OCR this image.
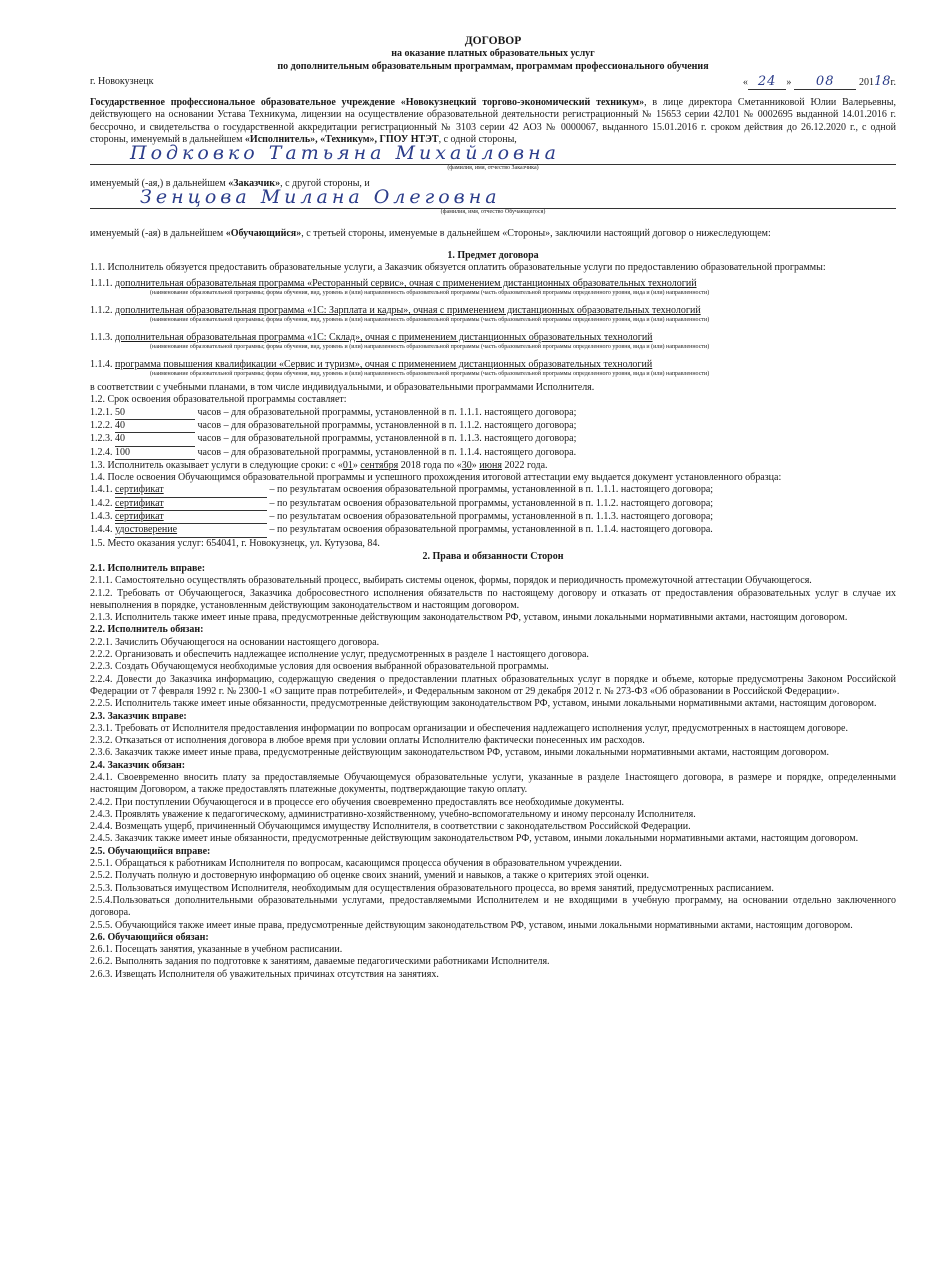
ДОГОВОР
на оказание платных образовательных услуг
по дополнительным образовательным программам, программам профессионального обучения
г. Новокузнецк	« 24 » 08 20118г.

Государственное профессиональное образовательное учреждение «Новокузнецкий торгово-экономический техникум», в лице директора Сметанниковой Юлии Валерьевны, действующего на основании Устава Техникума, лицензии на осуществление образовательной деятельности регистрационный № 15653 серии 42Л01 № 0002695 выданной 14.01.2016 г. бессрочно, и свидетельства о государственной аккредитации регистрационный № 3103 серии 42 АО3 № 0000067, выданного 15.01.2016 г. сроком действия до 26.12.2020 г., с одной стороны, именуемый в дальнейшем «Исполнитель», «Техникум», ГПОУ НТЭТ, с одной стороны,

Подковко Татьяна Михайловна
(фамилия, имя, отчество Заказчика)

именуемый (-ая,) в дальнейшем «Заказчик», с другой стороны, и

Зенцова Милана Олеговна
(фамилия, имя, отчество Обучающегося)

именуемый (-ая) в дальнейшем «Обучающийся», с третьей стороны, именуемые в дальнейшем «Стороны», заключили настоящий договор о нижеследующем:

1. Предмет договора

1.1. Исполнитель обязуется предоставить образовательные услуги, а Заказчик обязуется оплатить образовательные услуги по предоставлению образовательной программы:

1.1.1. дополнительная образовательная программа «Ресторанный сервис», очная с применением дистанционных образовательных технологий
(наименование образовательной программы; форма обучения, вид, уровень и (или) направленность образовательной программы (часть образовательной программы определенного уровня, вида и (или) направленности)
1.1.2. дополнительная образовательная программа «1С: Зарплата и кадры», очная с применением дистанционных образовательных технологий
(наименование образовательной программы; форма обучения, вид, уровень и (или) направленность образовательной программы (часть образовательной программы определенного уровня, вида и (или) направленности)
1.1.3. дополнительная образовательная программа «1С: Склад», очная с применением дистанционных образовательных технологий
(наименование образовательной программы; форма обучения, вид, уровень и (или) направленность образовательной программы (часть образовательной программы определенного уровня, вида и (или) направленности)
1.1.4. программа повышения квалификации «Сервис и туризм», очная с применением дистанционных образовательных технологий
(наименование образовательной программы; форма обучения, вид, уровень и (или) направленность образовательной программы (часть образовательной программы определенного уровня, вида и (или) направленности)

в соответствии с учебными планами, в том числе индивидуальными, и образовательными программами Исполнителя.

1.2. Срок освоения образовательной программы составляет:

1.2.1. 50	часов – для образовательной программы, установленной в п. 1.1.1. настоящего договора;

1.2.2. 40	часов – для образовательной программы, установленной в п. 1.1.2. настоящего договора;

1.2.3. 40	часов – для образовательной программы, установленной в п. 1.1.3. настоящего договора;

1.2.4. 100	часов – для образовательной программы, установленной в п. 1.1.4. настоящего договора.

1.3. Исполнитель оказывает услуги в следующие сроки: с «01» сентября 2018 года по «30» июня 2022 года.

1.4. После освоения Обучающимся образовательной программы и успешного прохождения итоговой аттестации ему выдается документ установленного образца:

1.4.1. сертификат	– по результатам освоения образовательной программы, установленной в п. 1.1.1. настоящего договора;

1.4.2. сертификат	– по результатам освоения образовательной программы, установленной в п. 1.1.2. настоящего договора;

1.4.3. сертификат	– по результатам освоения образовательной программы, установленной в п. 1.1.3. настоящего договора;

1.4.4. удостоверение	– по результатам освоения образовательной программы, установленной в п. 1.1.4. настоящего договора.

1.5. Место оказания услуг: 654041, г. Новокузнецк, ул. Кутузова, 84.

2. Права и обязанности Сторон

2.1. Исполнитель вправе:

2.1.1. Самостоятельно осуществлять образовательный процесс, выбирать системы оценок, формы, порядок и периодичность промежуточной аттестации Обучающегося.

2.1.2. Требовать от Обучающегося, Заказчика добросовестного исполнения обязательств по настоящему договору и отказать от предоставления образовательных услуг в случае их невыполнения в порядке, установленным действующим законодательством и настоящим договором.

2.1.3. Исполнитель также имеет иные права, предусмотренные действующим законодательством РФ, уставом, иными локальными нормативными актами, настоящим договором.

2.2. Исполнитель обязан:

2.2.1. Зачислить Обучающегося на основании настоящего договора.

2.2.2. Организовать и обеспечить надлежащее исполнение услуг, предусмотренных в разделе 1 настоящего договора.

2.2.3. Создать Обучающемуся необходимые условия для освоения выбранной образовательной программы.

2.2.4. Довести до Заказчика информацию, содержащую сведения о предоставлении платных образовательных услуг в порядке и объеме, которые предусмотрены Законом Российской Федерации от 7 февраля 1992 г. № 2300-1 «О защите прав потребителей», и Федеральным законом от 29 декабря 2012 г. № 273-ФЗ «Об образовании в Российской Федерации».

2.2.5. Исполнитель также имеет иные обязанности, предусмотренные действующим законодательством РФ, уставом, иными локальными нормативными актами, настоящим договором.

2.3. Заказчик вправе:

2.3.1. Требовать от Исполнителя предоставления информации по вопросам организации и обеспечения надлежащего исполнения услуг, предусмотренных в настоящем договоре.

2.3.2. Отказаться от исполнения договора в любое время при условии оплаты Исполнителю фактически понесенных им расходов.

2.3.6. Заказчик также имеет иные права, предусмотренные действующим законодательством РФ, уставом, иными локальными нормативными актами, настоящим договором.

2.4. Заказчик обязан:

2.4.1. Своевременно вносить плату за предоставляемые Обучающемуся образовательные услуги, указанные в разделе 1настоящего договора, в размере и порядке, определенными настоящим Договором, а также предоставлять платежные документы, подтверждающие такую оплату.

2.4.2. При поступлении Обучающегося и в процессе его обучения своевременно предоставлять все необходимые документы.

2.4.3. Проявлять уважение к педагогическому, административно-хозяйственному, учебно-вспомогательному и иному персоналу Исполнителя.

2.4.4. Возмещать ущерб, причиненный Обучающимся имуществу Исполнителя, в соответствии с законодательством Российской Федерации.

2.4.5. Заказчик также имеет иные обязанности, предусмотренные действующим законодательством РФ, уставом, иными локальными нормативными актами, настоящим договором.

2.5. Обучающийся вправе:

2.5.1. Обращаться к работникам Исполнителя по вопросам, касающимся процесса обучения в образовательном учреждении.

2.5.2. Получать полную и достоверную информацию об оценке своих знаний, умений и навыков, а также о критериях этой оценки.

2.5.3. Пользоваться имуществом Исполнителя, необходимым для осуществления образовательного процесса, во время занятий, предусмотренных расписанием.

2.5.4.Пользоваться дополнительными образовательными услугами, предоставляемыми Исполнителем и не входящими в учебную программу, на основании отдельно заключенного договора.

2.5.5. Обучающийся также имеет иные права, предусмотренные действующим законодательством РФ, уставом, иными локальными нормативными актами, настоящим договором.

2.6. Обучающийся обязан:

2.6.1. Посещать занятия, указанные в учебном расписании.

2.6.2. Выполнять задания по подготовке к занятиям, даваемые педагогическими работниками Исполнителя.

2.6.3. Извещать Исполнителя об уважительных причинах отсутствия на занятиях.
